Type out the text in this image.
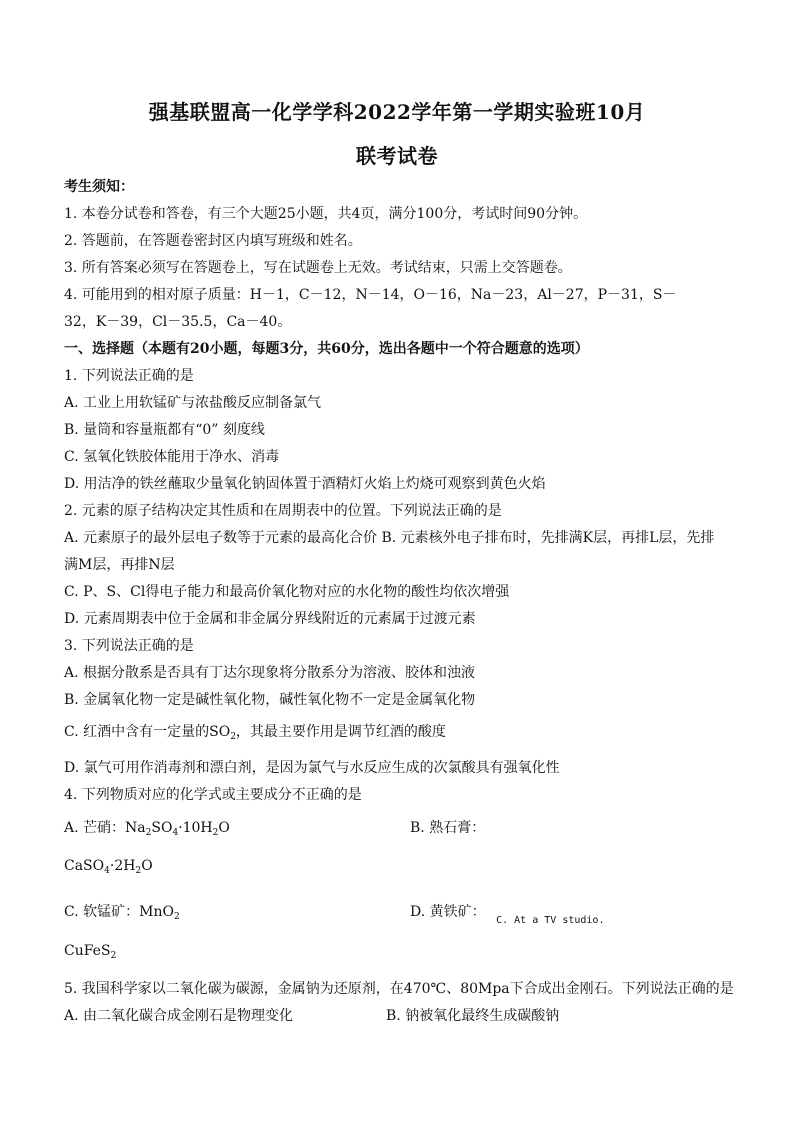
强基联盟高一化学学科2022学年第一学期实验班10月
联考试卷
考生须知：
1. 本卷分试卷和答卷，有三个大题25小题，共4页，满分100分，考试时间90分钟。
2. 答题前，在答题卷密封区内填写班级和姓名。
3. 所有答案必须写在答题卷上，写在试题卷上无效。考试结束，只需上交答题卷。
4. 可能用到的相对原子质量：H－1，C－12，N－14，O－16，Na－23，Al－27，P－31，S－
32，K－39，Cl－35.5，Ca－40。
一、选择题（本题有20小题，每题3分，共60分，选出各题中一个符合题意的选项）
1. 下列说法正确的是
A. 工业上用软锰矿与浓盐酸反应制备氯气
B. 量筒和容量瓶都有“0” 刻度线
C. 氢氧化铁胶体能用于净水、消毒
D. 用洁净的铁丝蘸取少量氧化钠固体置于酒精灯火焰上灼烧可观察到黄色火焰
2. 元素的原子结构决定其性质和在周期表中的位置。下列说法正确的是
A. 元素原子的最外层电子数等于元素的最高化合价 B. 元素核外电子排布时，先排满K层，再排L层，先排
满M层，再排N层
C. P、S、Cl得电子能力和最高价氧化物对应的水化物的酸性均依次增强
D. 元素周期表中位于金属和非金属分界线附近的元素属于过渡元素
3. 下列说法正确的是
A. 根据分散系是否具有丁达尔现象将分散系分为溶液、胶体和浊液
B. 金属氧化物一定是碱性氧化物，碱性氧化物不一定是金属氧化物
C. 红酒中含有一定量的$SO_2$，其最主要作用是调节红酒的酸度
D. 氯气可用作消毒剂和漂白剂，是因为氯气与水反应生成的次氯酸具有强氧化性
4. 下列物质对应的化学式或主要成分不正确的是
A. 芒硝：$Na_2SO_4\cdot 10H_2O$	B. 熟石膏：
$CaSO_4\cdot 2H_2O$
C. 软锰矿：MnO$_2$	D. 黄铁矿： $_{C. At a TV studio.}$
CuFeS$_2$
5. 我国科学家以二氧化碳为碳源，金属钠为还原剂，在470℃、80Mpa下合成出金刚石。下列说法正确的是
A. 由二氧化碳合成金刚石是物理变化	B. 钠被氧化最终生成碳酸钠
